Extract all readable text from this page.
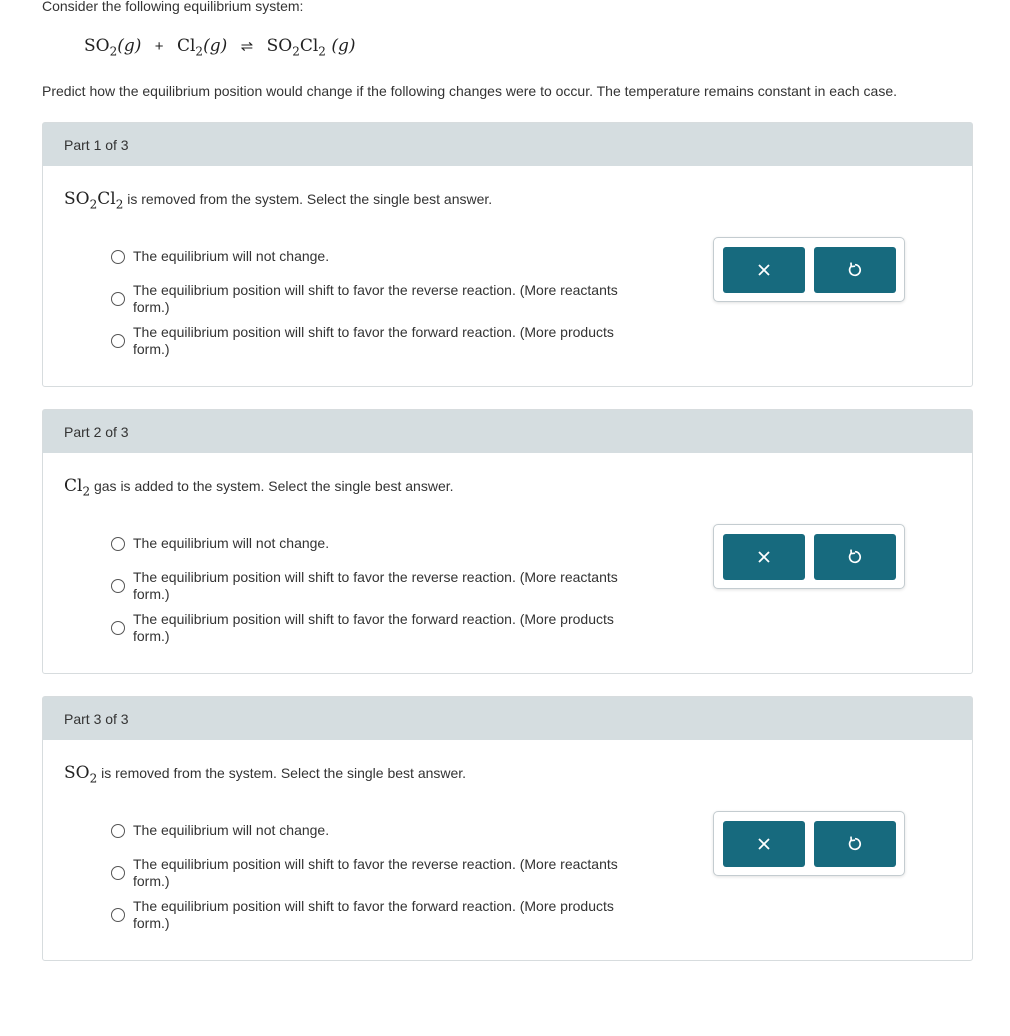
Consider the following equilibrium system:
$SO_2(g) + Cl_2(g)$ ⇌ $SO_2Cl_2$ (g)
Predict how the equilibrium position would change if the following changes were to occur. The temperature remains constant in each case.
Part 1 of 3
$SO_2Cl_2$ is removed from the system. Select the single best answer.
The equilibrium will not change.
The equilibrium position will shift to favor the reverse reaction. (More reactants form.)
The equilibrium position will shift to favor the forward reaction. (More products form.)
Part 2 of 3
$Cl_2$ gas is added to the system. Select the single best answer.
The equilibrium will not change.
The equilibrium position will shift to favor the reverse reaction. (More reactants form.)
The equilibrium position will shift to favor the forward reaction. (More products form.)
Part 3 of 3
$SO_2$ is removed from the system. Select the single best answer.
The equilibrium will not change.
The equilibrium position will shift to favor the reverse reaction. (More reactants form.)
The equilibrium position will shift to favor the forward reaction. (More products form.)
